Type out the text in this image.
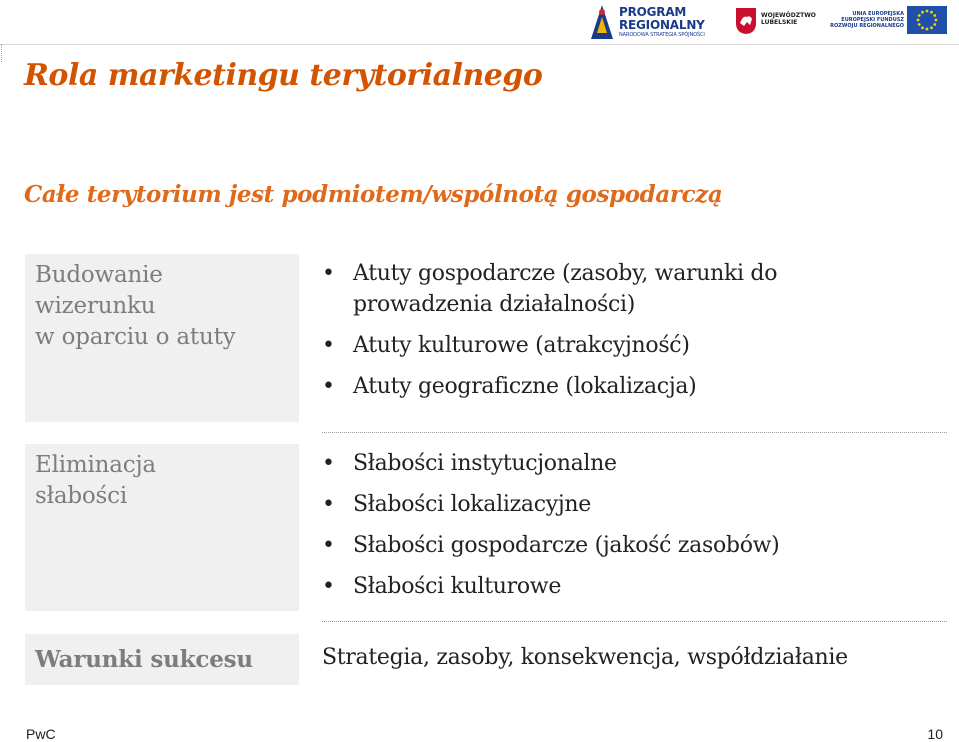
PROGRAM
REGIONALNY
NARODOWA STRATEGIA SPÓJNOŚCI
WOJEWÓDZTWO
LUBELSKIE
UNIA EUROPEJSKA
EUROPEJSKI FUNDUSZ
ROZWOJU REGIONALNEGO
Rola marketingu terytorialnego
Całe terytorium jest podmiotem/wspólnotą gospodarczą
Budowanie
wizerunku
w oparciu o atuty
• Atuty gospodarcze (zasoby, warunki do prowadzenia działalności)
• Atuty kulturowe (atrakcyjność)
• Atuty geograficzne (lokalizacja)
Eliminacja
słabości
• Słabości instytucjonalne
• Słabości lokalizacyjne
• Słabości gospodarcze (jakość zasobów)
• Słabości kulturowe
Warunki sukcesu	Strategia, zasoby, konsekwencja, współdziałanie

PwC	10
